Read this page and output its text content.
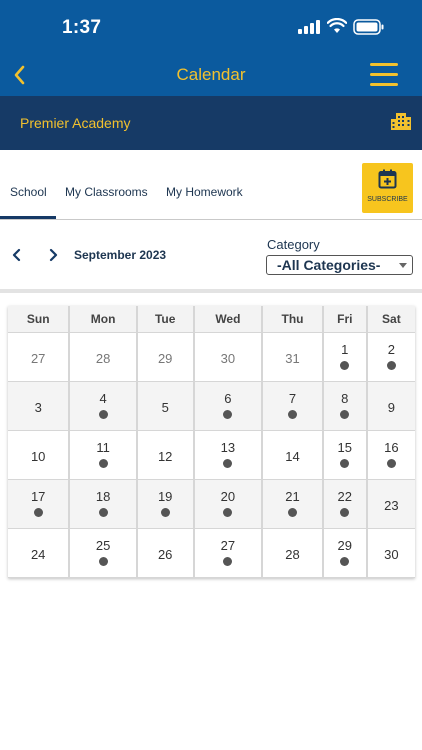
1:37
Calendar
Premier Academy
School My Classrooms My Homework
SUBSCRIBE
September 2023
Category
-All Categories-
Sun	Mon	Tue	Wed	Thu	Fri	Sat

27	28	29	30	31	1	2

3	4	5	6	7	8	9

10	11	12	13	14	15	16

17	18	19	20	21	22	23

24	25	26	27	28	29	30
